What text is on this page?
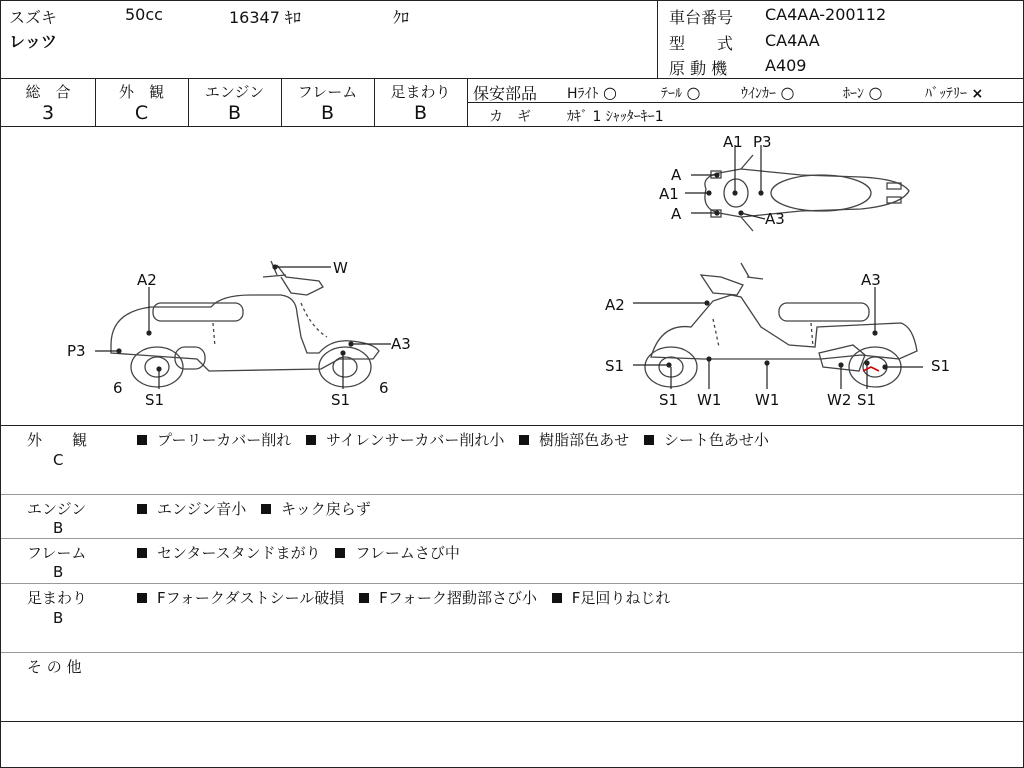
スズキ	50cc	16347 ｷﾛ	ｸﾛ
レッツ
車台番号 CA4AA-200112
型　　式 CA4AA
原 動 機 A409
総　合
3
外　観
C
エンジン
B
フレーム
B
足まわり
B
保安部品 Hﾗｲﾄ ○	ﾃｰﾙ ○	ｳｲﾝｶｰ ○	ﾎｰﾝ ○	ﾊﾞｯﾃﾘｰ ×
カ　ギ	ｶｷﾞ 1 ｼｬｯﾀｰｷｰ1
A1 P3
A
A1
A	A3
W
A2
A3
P3
6	6
S1	S1
A3
A2
S1
S1
S1
W1 W1	W2 S1
外　　観
C
プーリーカバー削れ サイレンサーカバー削れ小 樹脂部色あせ シート色あせ小
エンジン
B
エンジン音小 キック戻らず
フレーム
B
センタースタンドまがり フレームさび中
足まわり
B
Fフォークダストシール破損 Fフォーク摺動部さび小 F足回りねじれ
そ の 他
